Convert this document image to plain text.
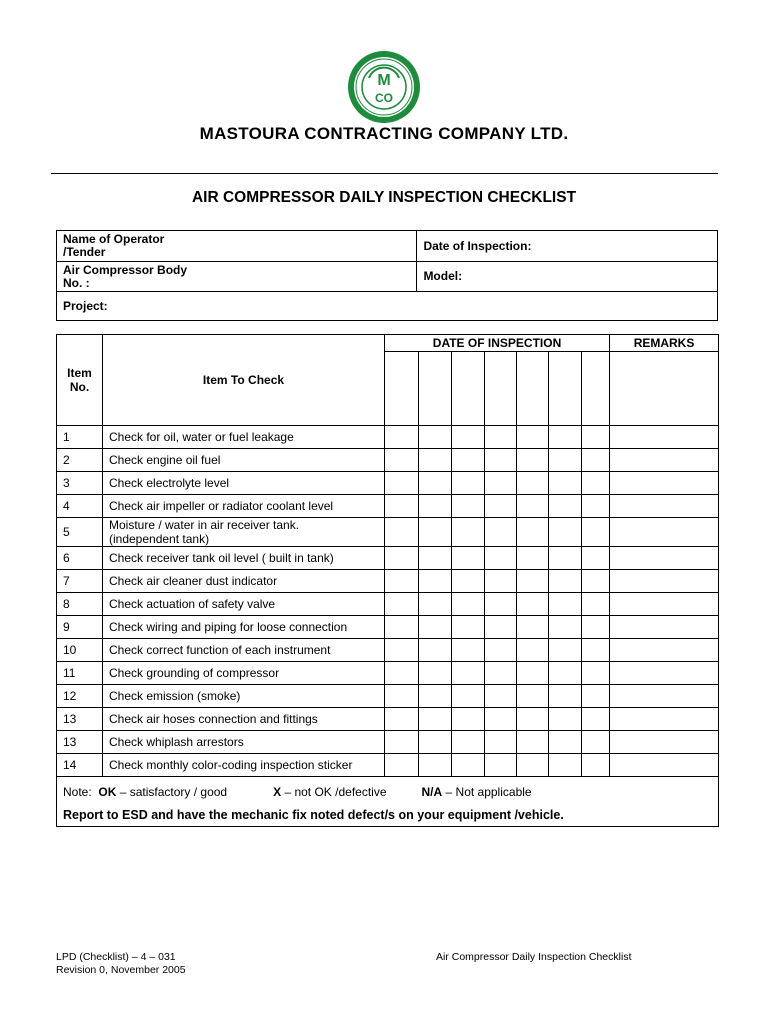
M
CO
MASTOURA CONTRACTING COMPANY LTD.
AIR COMPRESSOR DAILY INSPECTION CHECKLIST
Name of Operator
/Tender	Date of Inspection:
Air Compressor Body
No. :	Model:
Project:	
Item
No.	Item To Check	DATE OF INSPECTION							REMARKS

1	Check for oil, water or fuel leakage								
2	Check engine oil fuel								
3	Check electrolyte level								
4	Check air impeller or radiator coolant level								
5	Moisture / water in air receiver tank.
(independent tank)								
6	Check receiver tank oil level ( built in tank)								
7	Check air cleaner dust indicator								
8	Check actuation of safety valve								
9	Check wiring and piping for loose connection								
10	Check correct function of each instrument								
11	Check grounding of compressor								
12	Check emission (smoke)								
13	Check air hoses connection and fittings								
13	Check whiplash arrestors								
14	Check monthly color-coding inspection sticker								

Note: OK – satisfactory / good X – not OK /defective N/A – Not applicable
Report to ESD and have the mechanic fix noted defect/s on your equipment /vehicle.									
LPD (Checklist) – 4 – 031
Revision 0, November 2005
Air Compressor Daily Inspection Checklist
